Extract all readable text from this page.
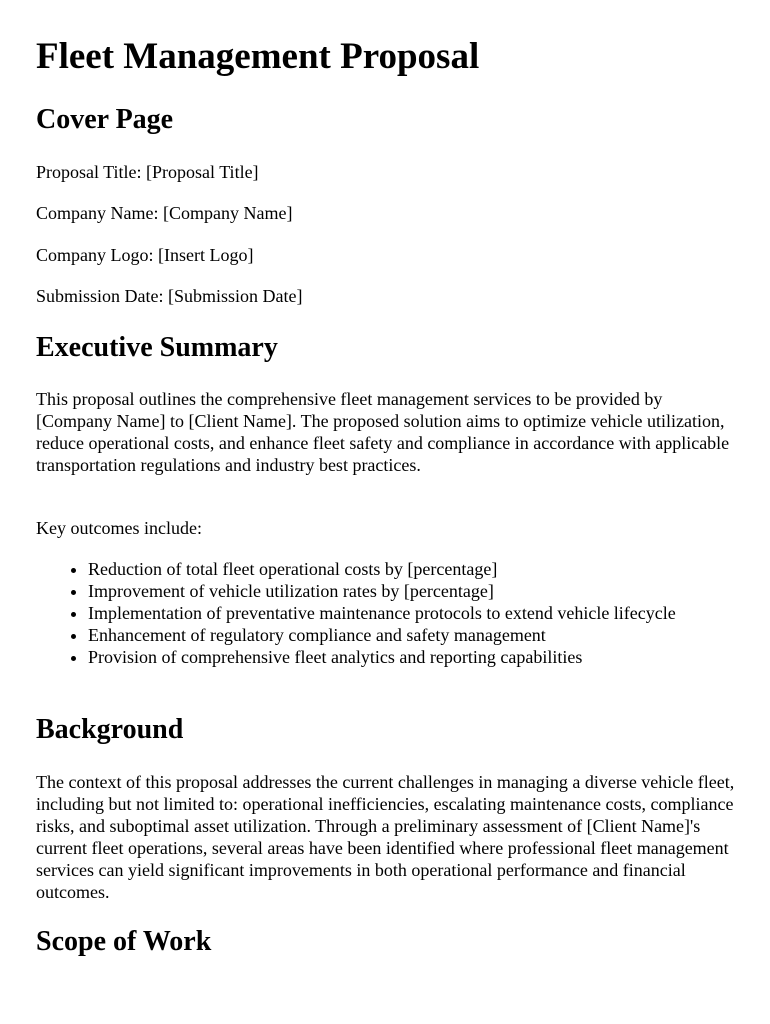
Fleet Management Proposal
Cover Page

Proposal Title: [Proposal Title]

Company Name: [Company Name]

Company Logo: [Insert Logo]

Submission Date: [Submission Date]

Executive Summary

This proposal outlines the comprehensive fleet management services to be provided by [Company Name] to [Client Name]. The proposed solution aims to optimize vehicle utilization, reduce operational costs, and enhance fleet safety and compliance in accordance with applicable transportation regulations and industry best practices.

Key outcomes include:

• Reduction of total fleet operational costs by [percentage]
• Improvement of vehicle utilization rates by [percentage]
• Implementation of preventative maintenance protocols to extend vehicle lifecycle
• Enhancement of regulatory compliance and safety management
• Provision of comprehensive fleet analytics and reporting capabilities
Background

The context of this proposal addresses the current challenges in managing a diverse vehicle fleet, including but not limited to: operational inefficiencies, escalating maintenance costs, compliance risks, and suboptimal asset utilization. Through a preliminary assessment of [Client Name]'s current fleet operations, several areas have been identified where professional fleet management services can yield significant improvements in both operational performance and financial outcomes.

Scope of Work
